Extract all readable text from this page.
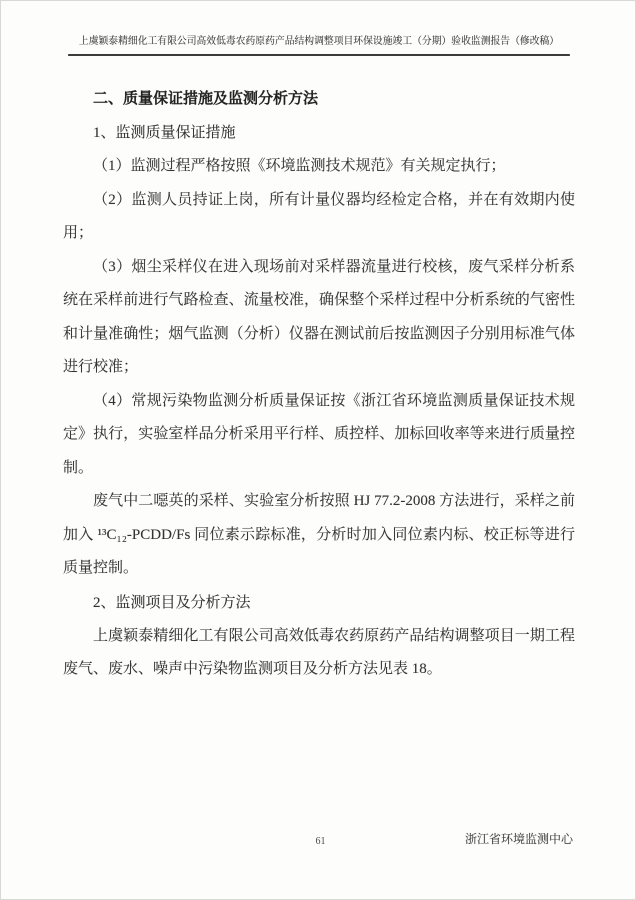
上虞颖泰精细化工有限公司高效低毒农药原药产品结构调整项目环保设施竣工（分期）验收监测报告（修改稿）

二、质量保证措施及监测分析方法

1、监测质量保证措施

（1）监测过程严格按照《环境监测技术规范》有关规定执行；

（2）监测人员持证上岗，所有计量仪器均经检定合格，并在有效期内使用；

（3）烟尘采样仪在进入现场前对采样器流量进行校核，废气采样分析系统在采样前进行气路检查、流量校准，确保整个采样过程中分析系统的气密性和计量准确性；烟气监测（分析）仪器在测试前后按监测因子分别用标准气体进行校准；

（4）常规污染物监测分析质量保证按《浙江省环境监测质量保证技术规定》执行，实验室样品分析采用平行样、质控样、加标回收率等来进行质量控制。

废气中二噁英的采样、实验室分析按照 HJ 77.2-2008 方法进行，采样之前加入 ¹³C₁₂-PCDD/Fs 同位素示踪标准，分析时加入同位素内标、校正标等进行质量控制。

2、监测项目及分析方法

上虞颖泰精细化工有限公司高效低毒农药原药产品结构调整项目一期工程废气、废水、噪声中污染物监测项目及分析方法见表 18。

61	浙江省环境监测中心
